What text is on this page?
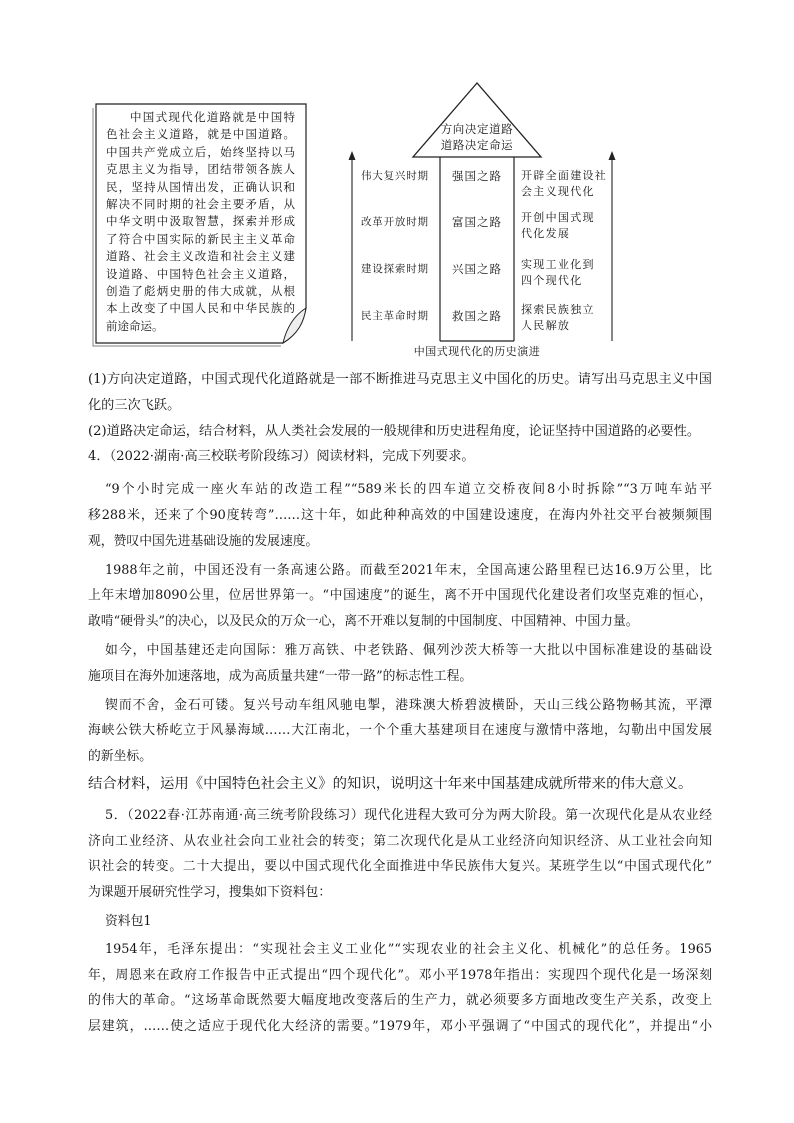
中国式现代化道路就是中国特
色社会主义道路，就是中国道路。
中国共产党成立后，始终坚持以马
克思主义为指导，团结带领各族人
民，坚持从国情出发，正确认识和
解决不同时期的社会主要矛盾，从
中华文明中汲取智慧，探索并形成
了符合中国实际的新民主主义革命
道路、社会主义改造和社会主义建
设道路、中国特色社会主义道路，
创造了彪炳史册的伟大成就，从根
本上改变了中国人民和中华民族的
前途命运。
方向决定道路
道路决定命运
伟大复兴时期	强国之路	开辟全面建设社
会主义现代化
改革开放时期	富国之路	开创中国式现
代化发展
建设探索时期	兴国之路	实现工业化到
四个现代化
民主革命时期	救国之路	探索民族独立
人民解放
中国式现代化的历史演进
(1)方向决定道路，中国式现代化道路就是一部不断推进马克思主义中国化的历史。请写出马克思主义中国
化的三次飞跃。
(2)道路决定命运，结合材料，从人类社会发展的一般规律和历史进程角度，论证坚持中国道路的必要性。
4．（2022·湖南·高三校联考阶段练习）阅读材料，完成下列要求。
“9个小时完成一座火车站的改造工程”“589米长的四车道立交桥夜间8小时拆除”“3万吨车站平
移288米，还来了个90度转弯”……这十年，如此种种高效的中国建设速度，在海内外社交平台被频频围
观，赞叹中国先进基础设施的发展速度。
1988年之前，中国还没有一条高速公路。而截至2021年末，全国高速公路里程已达16.9万公里，比
上年末增加8090公里，位居世界第一。“中国速度”的诞生，离不开中国现代化建设者们攻坚克难的恒心，
敢啃“硬骨头”的决心，以及民众的万众一心，离不开难以复制的中国制度、中国精神、中国力量。
如今，中国基建还走向国际：雅万高铁、中老铁路、佩列沙茨大桥等一大批以中国标准建设的基础设
施项目在海外加速落地，成为高质量共建“一带一路”的标志性工程。
锲而不舍，金石可镂。复兴号动车组风驰电掣，港珠澳大桥碧波横卧，天山三线公路物畅其流，平潭
海峡公铁大桥屹立于风暴海域……大江南北，一个个重大基建项目在速度与激情中落地，勾勒出中国发展
的新坐标。
结合材料，运用《中国特色社会主义》的知识，说明这十年来中国基建成就所带来的伟大意义。
5．（2022春·江苏南通·高三统考阶段练习）现代化进程大致可分为两大阶段。第一次现代化是从农业经
济向工业经济、从农业社会向工业社会的转变；第二次现代化是从工业经济向知识经济、从工业社会向知
识社会的转变。二十大提出，要以中国式现代化全面推进中华民族伟大复兴。某班学生以“中国式现代化”
为课题开展研究性学习，搜集如下资料包：
资料包1
1954年，毛泽东提出：“实现社会主义工业化”“实现农业的社会主义化、机械化”的总任务。1965
年，周恩来在政府工作报告中正式提出“四个现代化”。邓小平1978年指出：实现四个现代化是一场深刻
的伟大的革命。“这场革命既然要大幅度地改变落后的生产力，就必须要多方面地改变生产关系，改变上
层建筑，……使之适应于现代化大经济的需要。”1979年，邓小平强调了“中国式的现代化”，并提出“小
